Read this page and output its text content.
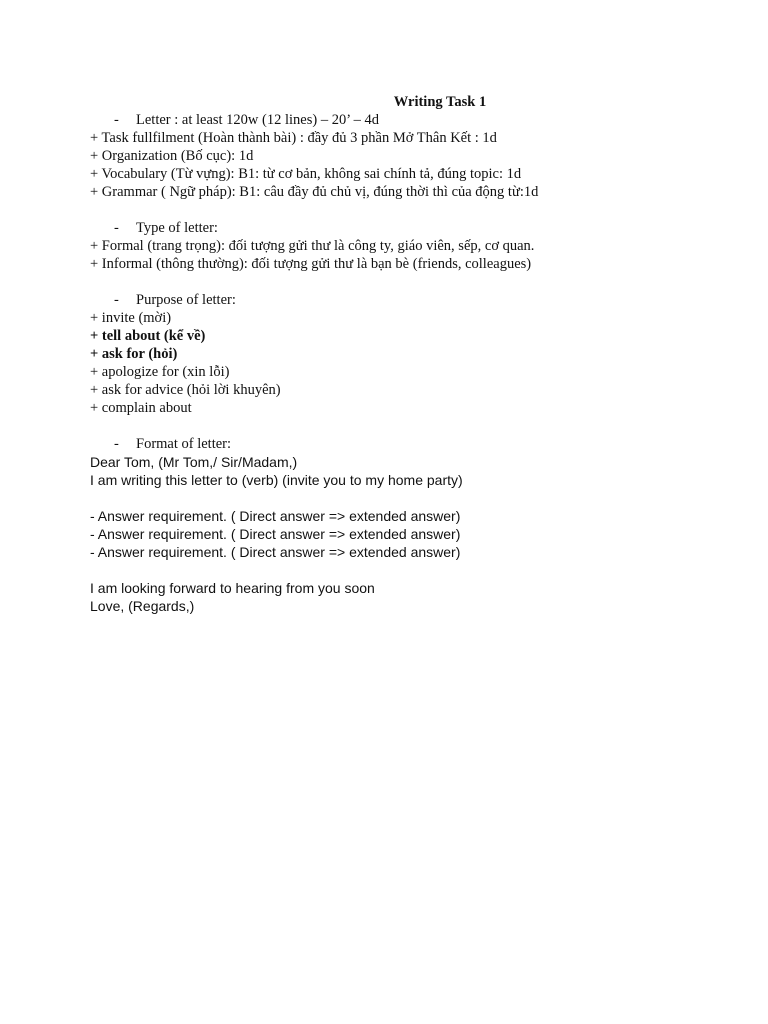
Writing Task 1
-	Letter : at least 120w (12 lines) – 20’ – 4d
+ Task fullfilment (Hoàn thành bài) : đầy đủ 3 phần Mở Thân Kết : 1d
+ Organization (Bố cục): 1d
+ Vocabulary (Từ vựng): B1: từ cơ bản, không sai chính tả, đúng topic: 1d
+ Grammar ( Ngữ pháp): B1: câu đầy đủ chủ vị, đúng thời thì của động từ:1d
-	Type of letter:
+ Formal (trang trọng): đối tượng gửi thư là công ty, giáo viên, sếp, cơ quan.
+ Informal (thông thường): đối tượng gửi thư là bạn bè (friends, colleagues)
-	Purpose of letter:
+ invite (mời)
+ tell about (kể về)
+ ask for (hỏi)
+ apologize for (xin lỗi)
+ ask for advice (hỏi lời khuyên)
+ complain about
-	Format of letter:
Dear Tom, (Mr Tom,/ Sir/Madam,)
I am writing this letter to (verb) (invite you to my home party)
- Answer requirement. ( Direct answer => extended answer)
- Answer requirement. ( Direct answer => extended answer)
- Answer requirement. ( Direct answer => extended answer)
I am looking forward to hearing from you soon
Love, (Regards,)
